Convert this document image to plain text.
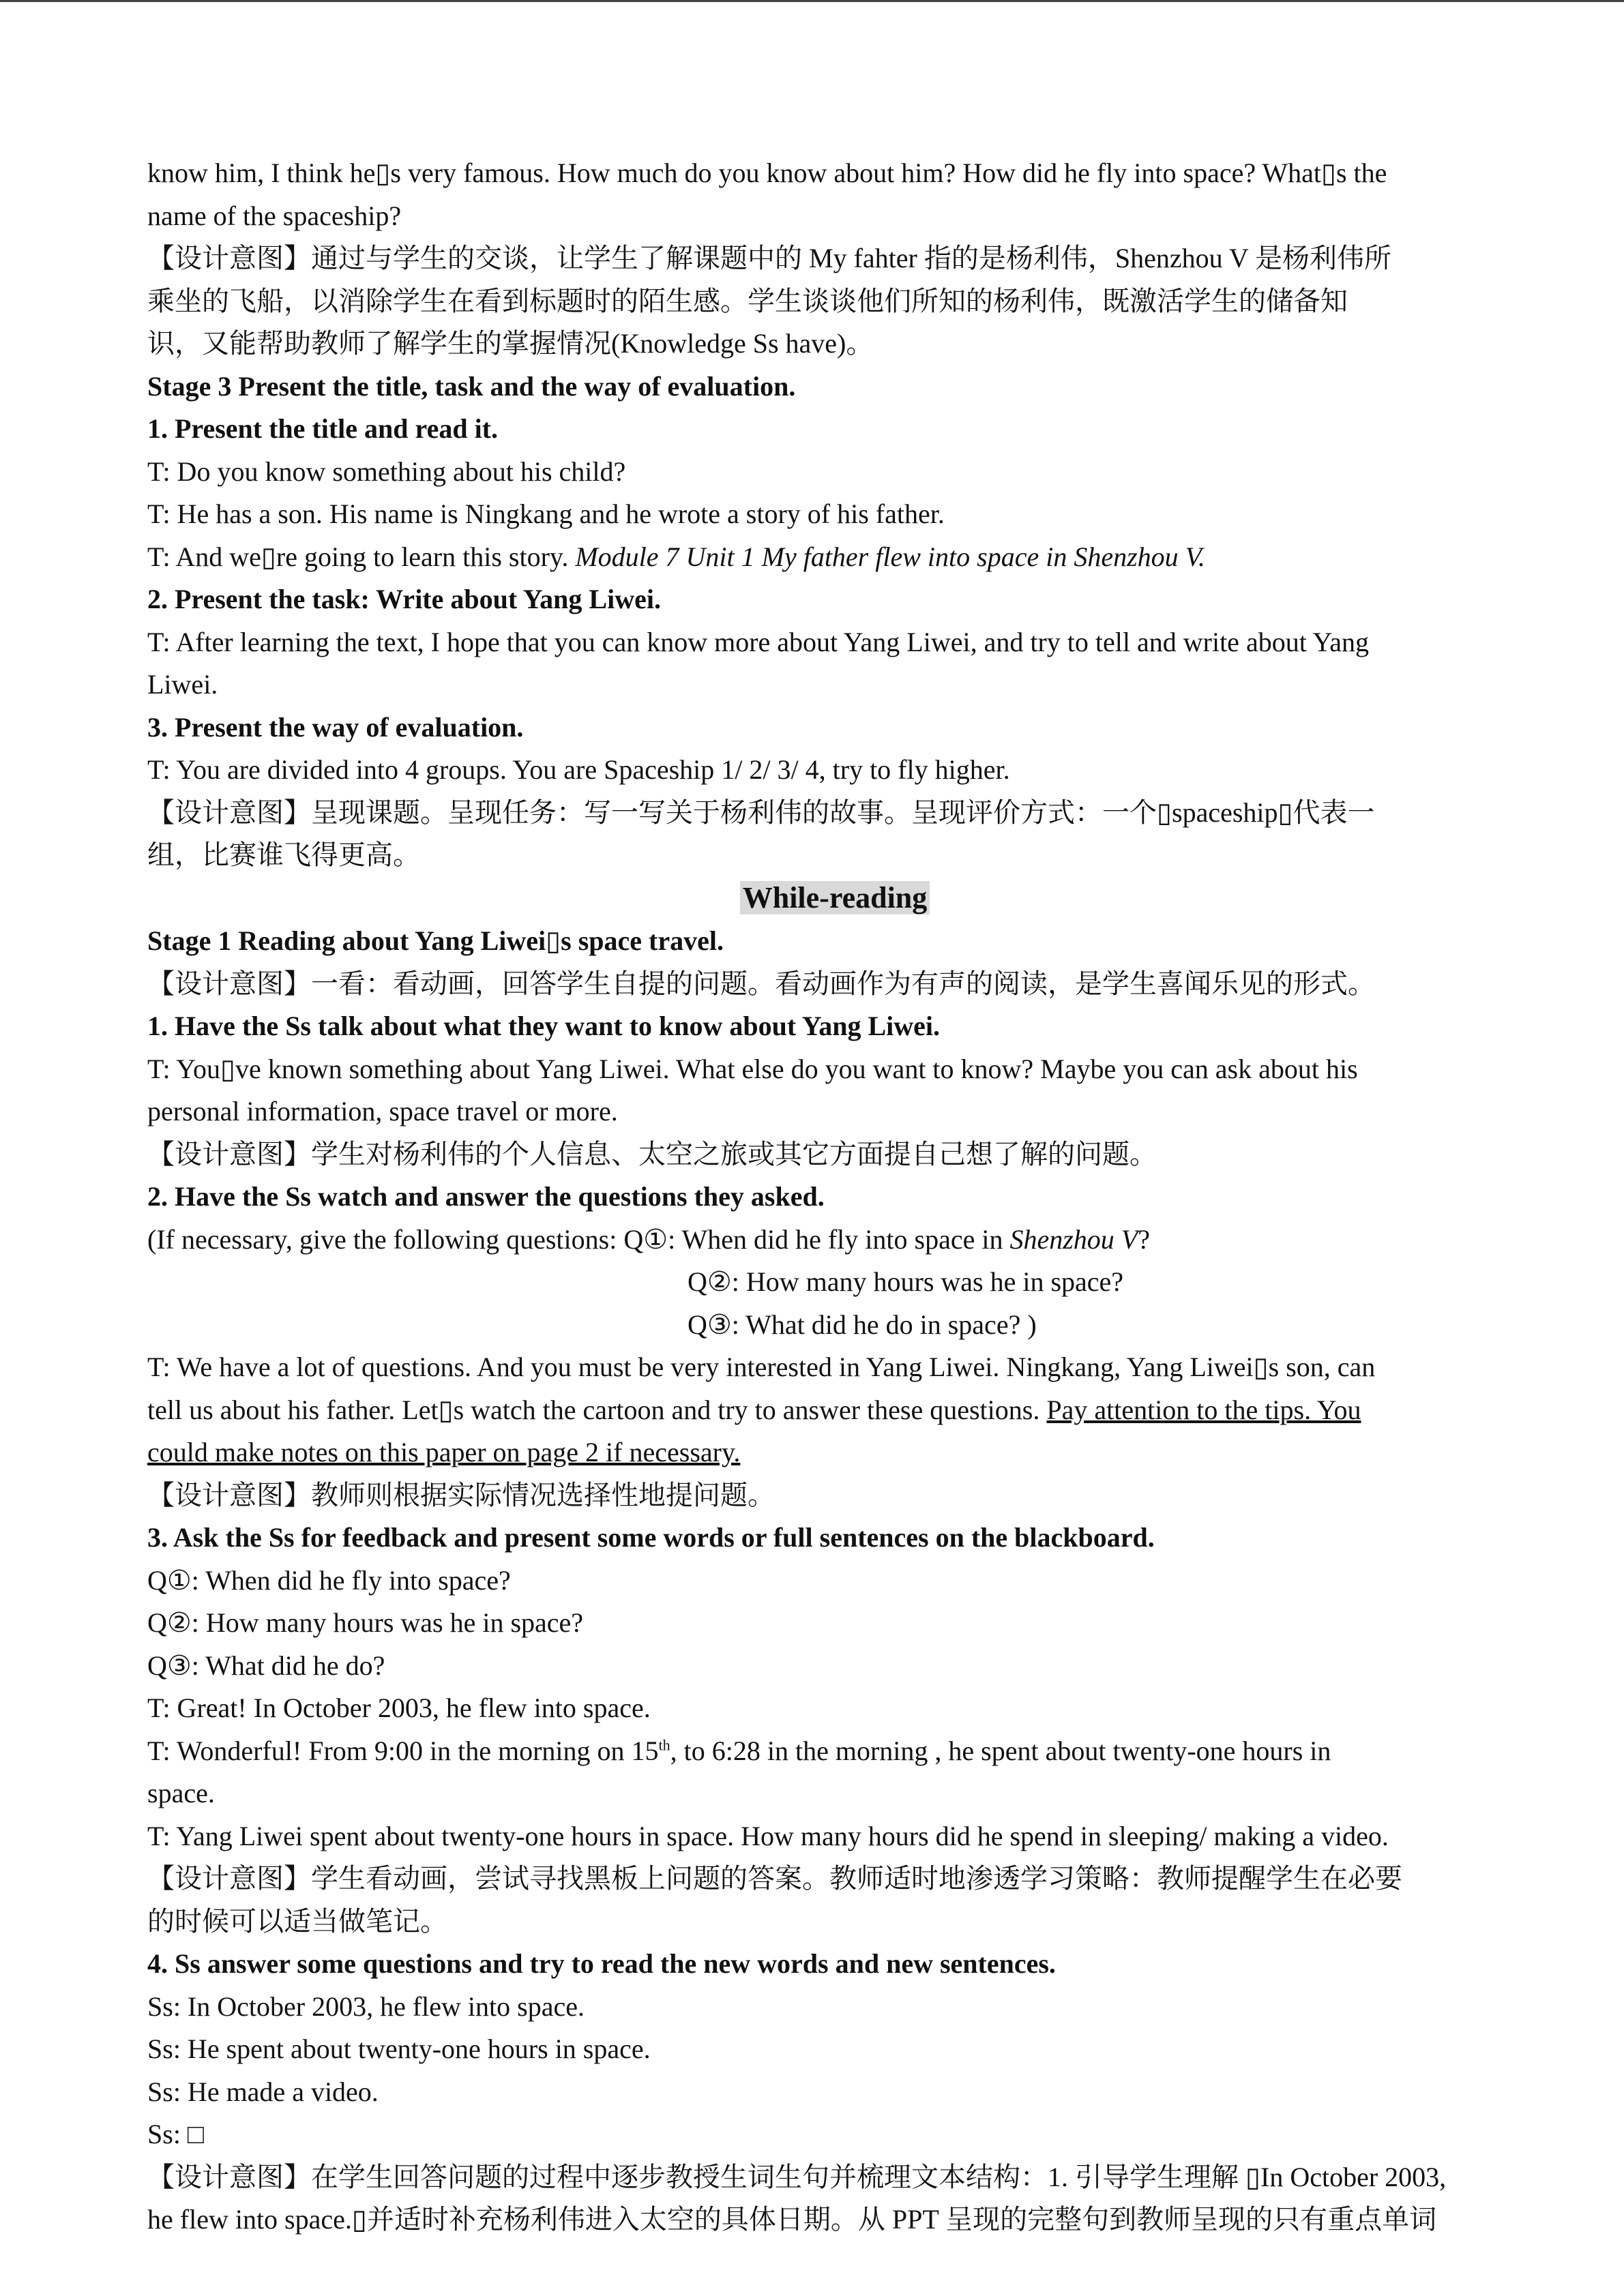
know him, I think he▯s very famous. How much do you know about him? How did he fly into space? What▯s the

name of the spaceship?

【设计意图】通过与学生的交谈，让学生了解课题中的 My fahter 指的是杨利伟，Shenzhou V 是杨利伟所

乘坐的飞船，以消除学生在看到标题时的陌生感。学生谈谈他们所知的杨利伟，既激活学生的储备知

识，又能帮助教师了解学生的掌握情况(Knowledge Ss have)。

Stage 3 Present the title, task and the way of evaluation.

1. Present the title and read it.

T: Do you know something about his child?

T: He has a son. His name is Ningkang and he wrote a story of his father.

T: And we▯re going to learn this story. Module 7 Unit 1 My father flew into space in Shenzhou V.

2. Present the task: Write about Yang Liwei.

T: After learning the text, I hope that you can know more about Yang Liwei, and try to tell and write about Yang

Liwei.

3. Present the way of evaluation.

T: You are divided into 4 groups. You are Spaceship 1/ 2/ 3/ 4, try to fly higher.

【设计意图】呈现课题。呈现任务：写一写关于杨利伟的故事。呈现评价方式：一个▯spaceship▯代表一

组，比赛谁飞得更高。

While-reading

Stage 1 Reading about Yang Liwei▯s space travel.

【设计意图】一看：看动画，回答学生自提的问题。看动画作为有声的阅读，是学生喜闻乐见的形式。

1. Have the Ss talk about what they want to know about Yang Liwei.

T: You▯ve known something about Yang Liwei. What else do you want to know? Maybe you can ask about his

personal information, space travel or more.

【设计意图】学生对杨利伟的个人信息、太空之旅或其它方面提自己想了解的问题。

2. Have the Ss watch and answer the questions they asked.

(If necessary, give the following questions: Q①: When did he fly into space in Shenzhou V?

Q②: How many hours was he in space?

Q③: What did he do in space? )

T: We have a lot of questions. And you must be very interested in Yang Liwei. Ningkang, Yang Liwei▯s son, can

tell us about his father. Let▯s watch the cartoon and try to answer these questions. Pay attention to the tips. You

could make notes on this paper on page 2 if necessary.

【设计意图】教师则根据实际情况选择性地提问题。

3. Ask the Ss for feedback and present some words or full sentences on the blackboard.

Q①: When did he fly into space?

Q②: How many hours was he in space?

Q③: What did he do?

T: Great! In October 2003, he flew into space.

T: Wonderful! From 9:00 in the morning on 15th, to 6:28 in the morning , he spent about twenty-one hours in

space.

T: Yang Liwei spent about twenty-one hours in space. How many hours did he spend in sleeping/ making a video.

【设计意图】学生看动画，尝试寻找黑板上问题的答案。教师适时地渗透学习策略：教师提醒学生在必要

的时候可以适当做笔记。

4. Ss answer some questions and try to read the new words and new sentences.

Ss: In October 2003, he flew into space.

Ss: He spent about twenty-one hours in space.

Ss: He made a video.

Ss: □

【设计意图】在学生回答问题的过程中逐步教授生词生句并梳理文本结构：1. 引导学生理解 ▯In October 2003,

he flew into space.▯并适时补充杨利伟进入太空的具体日期。从 PPT 呈现的完整句到教师呈现的只有重点单词
